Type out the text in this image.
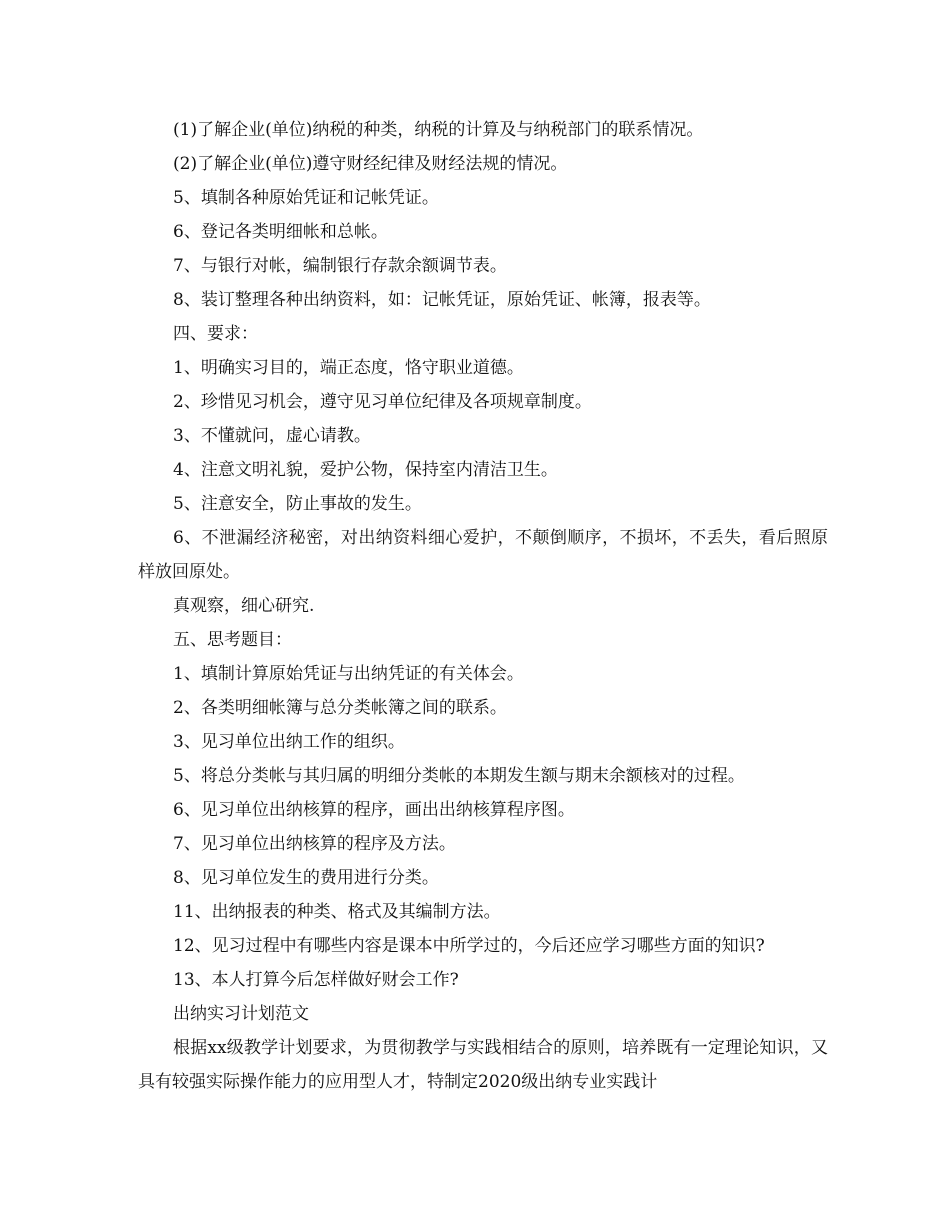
(1)了解企业(单位)纳税的种类，纳税的计算及与纳税部门的联系情况。

(2)了解企业(单位)遵守财经纪律及财经法规的情况。

5、填制各种原始凭证和记帐凭证。

6、登记各类明细帐和总帐。

7、与银行对帐，编制银行存款余额调节表。

8、装订整理各种出纳资料，如：记帐凭证，原始凭证、帐簿，报表等。

四、要求：

1、明确实习目的，端正态度，恪守职业道德。

2、珍惜见习机会，遵守见习单位纪律及各项规章制度。

3、不懂就问，虚心请教。

4、注意文明礼貌，爱护公物，保持室内清洁卫生。

5、注意安全，防止事故的发生。

6、不泄漏经济秘密，对出纳资料细心爱护，不颠倒顺序，不损坏，不丢失，看后照原样放回原处。

真观察，细心研究.

五、思考题目：

1、填制计算原始凭证与出纳凭证的有关体会。

2、各类明细帐簿与总分类帐簿之间的联系。

3、见习单位出纳工作的组织。

5、将总分类帐与其归属的明细分类帐的本期发生额与期末余额核对的过程。

6、见习单位出纳核算的程序，画出出纳核算程序图。

7、见习单位出纳核算的程序及方法。

8、见习单位发生的费用进行分类。

11、出纳报表的种类、格式及其编制方法。

12、见习过程中有哪些内容是课本中所学过的，今后还应学习哪些方面的知识?

13、本人打算今后怎样做好财会工作?

出纳实习计划范文

根据xx级教学计划要求，为贯彻教学与实践相结合的原则，培养既有一定理论知识，又具有较强实际操作能力的应用型人才，特制定2020级出纳专业实践计
